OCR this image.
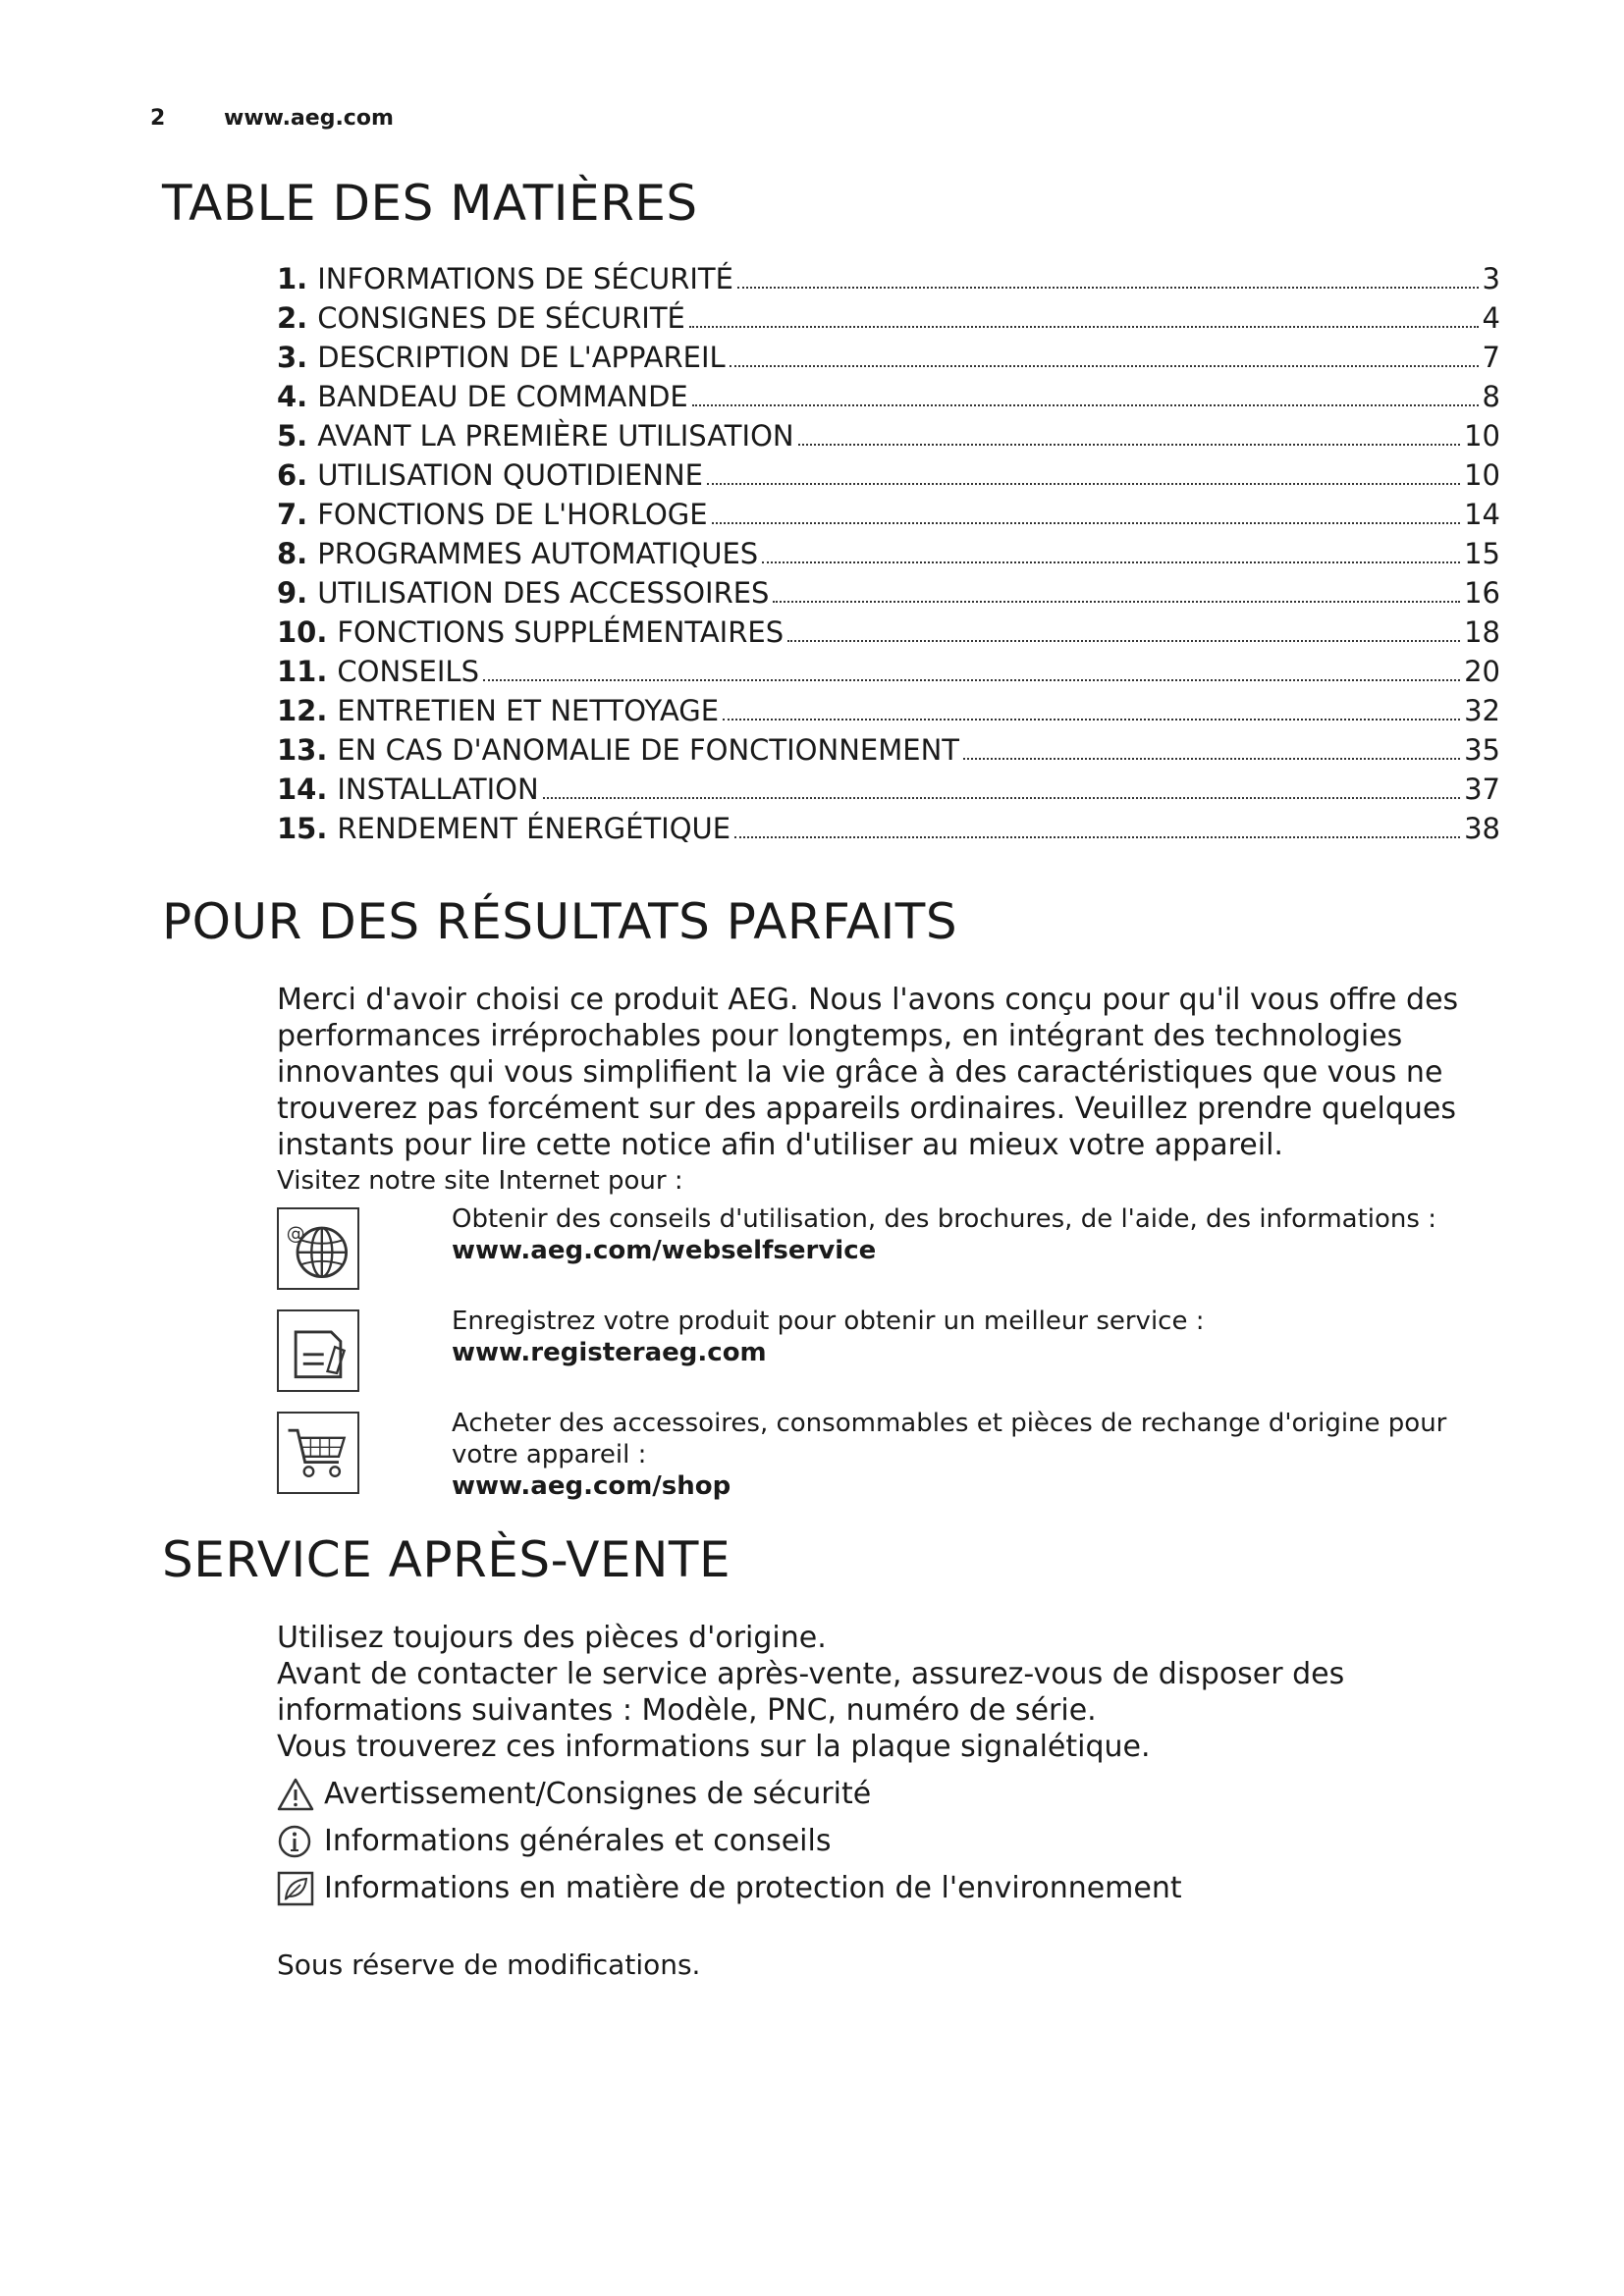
2	www.aeg.com
TABLE DES MATIÈRES
1. INFORMATIONS DE SÉCURITÉ	3
2. CONSIGNES DE SÉCURITÉ	4
3. DESCRIPTION DE L'APPAREIL	7
4. BANDEAU DE COMMANDE	8
5. AVANT LA PREMIÈRE UTILISATION	10
6. UTILISATION QUOTIDIENNE	10
7. FONCTIONS DE L'HORLOGE	14
8. PROGRAMMES AUTOMATIQUES	15
9. UTILISATION DES ACCESSOIRES	16
10. FONCTIONS SUPPLÉMENTAIRES	18
11. CONSEILS	20
12. ENTRETIEN ET NETTOYAGE	32
13. EN CAS D'ANOMALIE DE FONCTIONNEMENT	35
14. INSTALLATION	37
15. RENDEMENT ÉNERGÉTIQUE	38
POUR DES RÉSULTATS PARFAITS

Merci d'avoir choisi ce produit AEG. Nous l'avons conçu pour qu'il vous offre des performances irréprochables pour longtemps, en intégrant des technologies innovantes qui vous simplifient la vie grâce à des caractéristiques que vous ne trouverez pas forcément sur des appareils ordinaires. Veuillez prendre quelques instants pour lire cette notice afin d'utiliser au mieux votre appareil.

Visitez notre site Internet pour :

@	Obtenir des conseils d'utilisation, des brochures, de l'aide, des informations :
www.aeg.com/webselfservice
Enregistrez votre produit pour obtenir un meilleur service :
www.registeraeg.com
Acheter des accessoires, consommables et pièces de rechange d'origine pour votre appareil :
www.aeg.com/shop
SERVICE APRÈS-VENTE
Utilisez toujours des pièces d'origine.
Avant de contacter le service après-vente, assurez-vous de disposer des informations suivantes : Modèle, PNC, numéro de série.
Vous trouverez ces informations sur la plaque signalétique.
Avertissement/Consignes de sécurité
Informations générales et conseils
Informations en matière de protection de l'environnement
Sous réserve de modifications.
